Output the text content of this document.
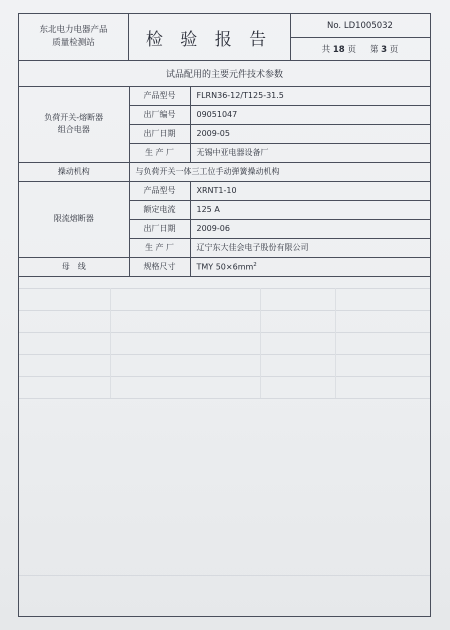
东北电力电器产品
质量检测站	检 验 报 告
No. LD1005032
共 18 页 第 3 页
试品配用的主要元件技术参数
负荷开关-熔断器
组合电器	产品型号	FLRN36-12/T125-31.5
	出厂编号	09051047
	出厂日期	2009-05
	生 产 厂	无锡中亚电器设备厂
操动机构	与负荷开关一体三工位手动弹簧操动机构	
限流熔断器	产品型号	XRNT1-10
	额定电流	125 A
	出厂日期	2009-06
	生 产 厂	辽宁东大佳会电子股份有限公司
母　线	规格尺寸	TMY $50\times 6mm^2$
